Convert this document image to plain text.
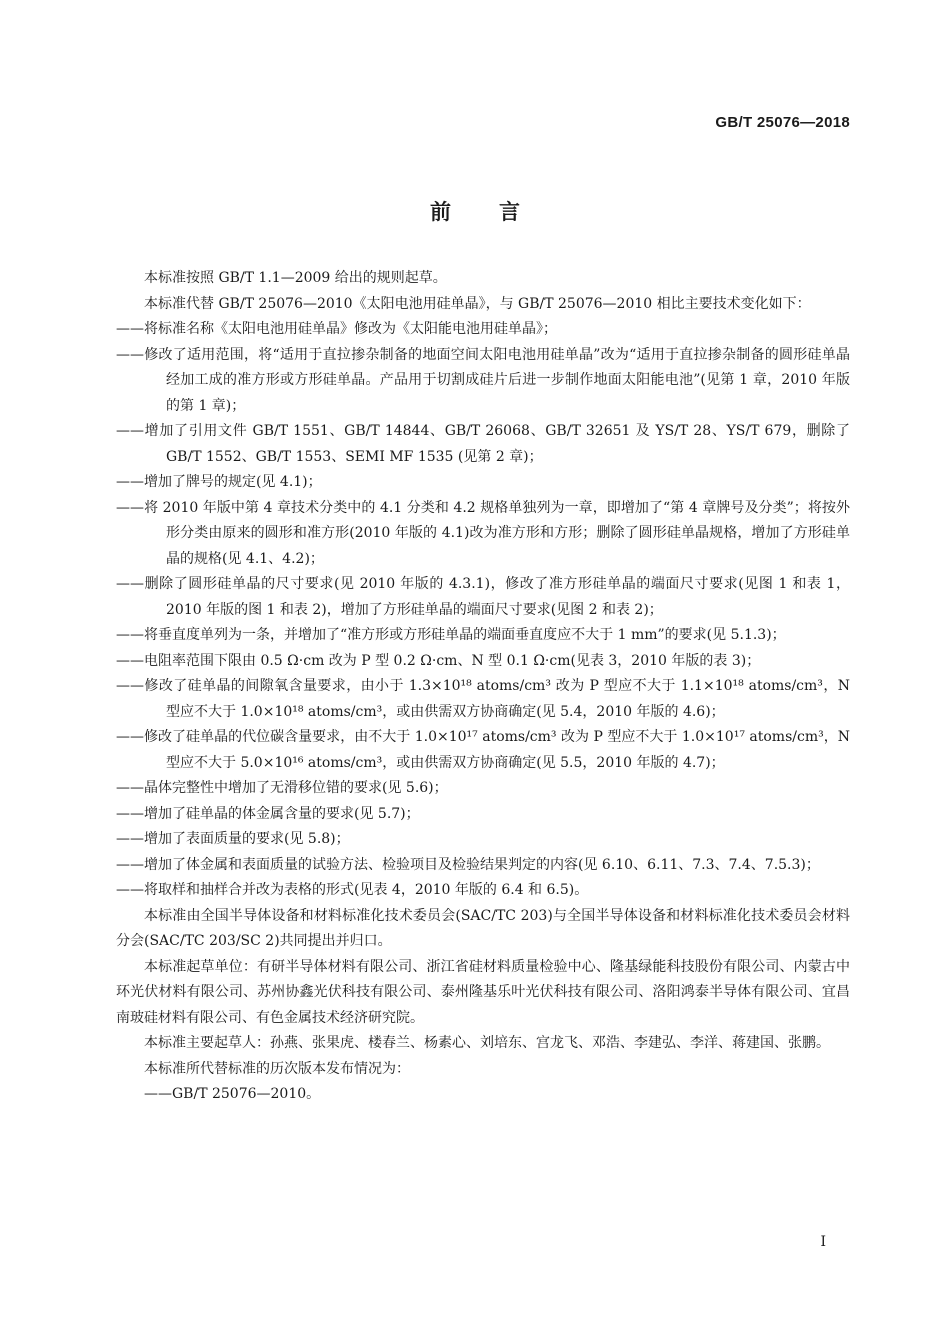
GB/T 25076—2018
前言

本标准按照 GB/T 1.1—2009 给出的规则起草。

本标准代替 GB/T 25076—2010《太阳电池用硅单晶》，与 GB/T 25076—2010 相比主要技术变化如下：

——将标准名称《太阳电池用硅单晶》修改为《太阳能电池用硅单晶》；

——修改了适用范围，将“适用于直拉掺杂制备的地面空间太阳电池用硅单晶”改为“适用于直拉掺杂制备的圆形硅单晶经加工成的准方形或方形硅单晶。产品用于切割成硅片后进一步制作地面太阳能电池”(见第 1 章，2010 年版的第 1 章)；

——增加了引用文件 GB/T 1551、GB/T 14844、GB/T 26068、GB/T 32651 及 YS/T 28、YS/T 679，删除了 GB/T 1552、GB/T 1553、SEMI MF 1535 (见第 2 章)；

——增加了牌号的规定(见 4.1)；

——将 2010 年版中第 4 章技术分类中的 4.1 分类和 4.2 规格单独列为一章，即增加了“第 4 章牌号及分类”；将按外形分类由原来的圆形和准方形(2010 年版的 4.1)改为准方形和方形；删除了圆形硅单晶规格，增加了方形硅单晶的规格(见 4.1、4.2)；

——删除了圆形硅单晶的尺寸要求(见 2010 年版的 4.3.1)，修改了准方形硅单晶的端面尺寸要求(见图 1 和表 1，2010 年版的图 1 和表 2)，增加了方形硅单晶的端面尺寸要求(见图 2 和表 2)；

——将垂直度单列为一条，并增加了“准方形或方形硅单晶的端面垂直度应不大于 1 mm”的要求(见 5.1.3)；

——电阻率范围下限由 0.5 Ω·cm 改为 P 型 0.2 Ω·cm、N 型 0.1 Ω·cm(见表 3，2010 年版的表 3)；

——修改了硅单晶的间隙氧含量要求，由小于 1.3×10¹⁸ atoms/cm³ 改为 P 型应不大于 1.1×10¹⁸ atoms/cm³，N 型应不大于 1.0×10¹⁸ atoms/cm³，或由供需双方协商确定(见 5.4，2010 年版的 4.6)；

——修改了硅单晶的代位碳含量要求，由不大于 1.0×10¹⁷ atoms/cm³ 改为 P 型应不大于 1.0×10¹⁷ atoms/cm³，N 型应不大于 5.0×10¹⁶ atoms/cm³，或由供需双方协商确定(见 5.5，2010 年版的 4.7)；

——晶体完整性中增加了无滑移位错的要求(见 5.6)；

——增加了硅单晶的体金属含量的要求(见 5.7)；

——增加了表面质量的要求(见 5.8)；

——增加了体金属和表面质量的试验方法、检验项目及检验结果判定的内容(见 6.10、6.11、7.3、7.4、7.5.3)；

——将取样和抽样合并改为表格的形式(见表 4，2010 年版的 6.4 和 6.5)。

本标准由全国半导体设备和材料标准化技术委员会(SAC/TC 203)与全国半导体设备和材料标准化技术委员会材料分会(SAC/TC 203/SC 2)共同提出并归口。

本标准起草单位：有研半导体材料有限公司、浙江省硅材料质量检验中心、隆基绿能科技股份有限公司、内蒙古中环光伏材料有限公司、苏州协鑫光伏科技有限公司、泰州隆基乐叶光伏科技有限公司、洛阳鸿泰半导体有限公司、宜昌南玻硅材料有限公司、有色金属技术经济研究院。

本标准主要起草人：孙燕、张果虎、楼春兰、杨素心、刘培东、宫龙飞、邓浩、李建弘、李洋、蒋建国、张鹏。

本标准所代替标准的历次版本发布情况为：

——GB/T 25076—2010。

I
